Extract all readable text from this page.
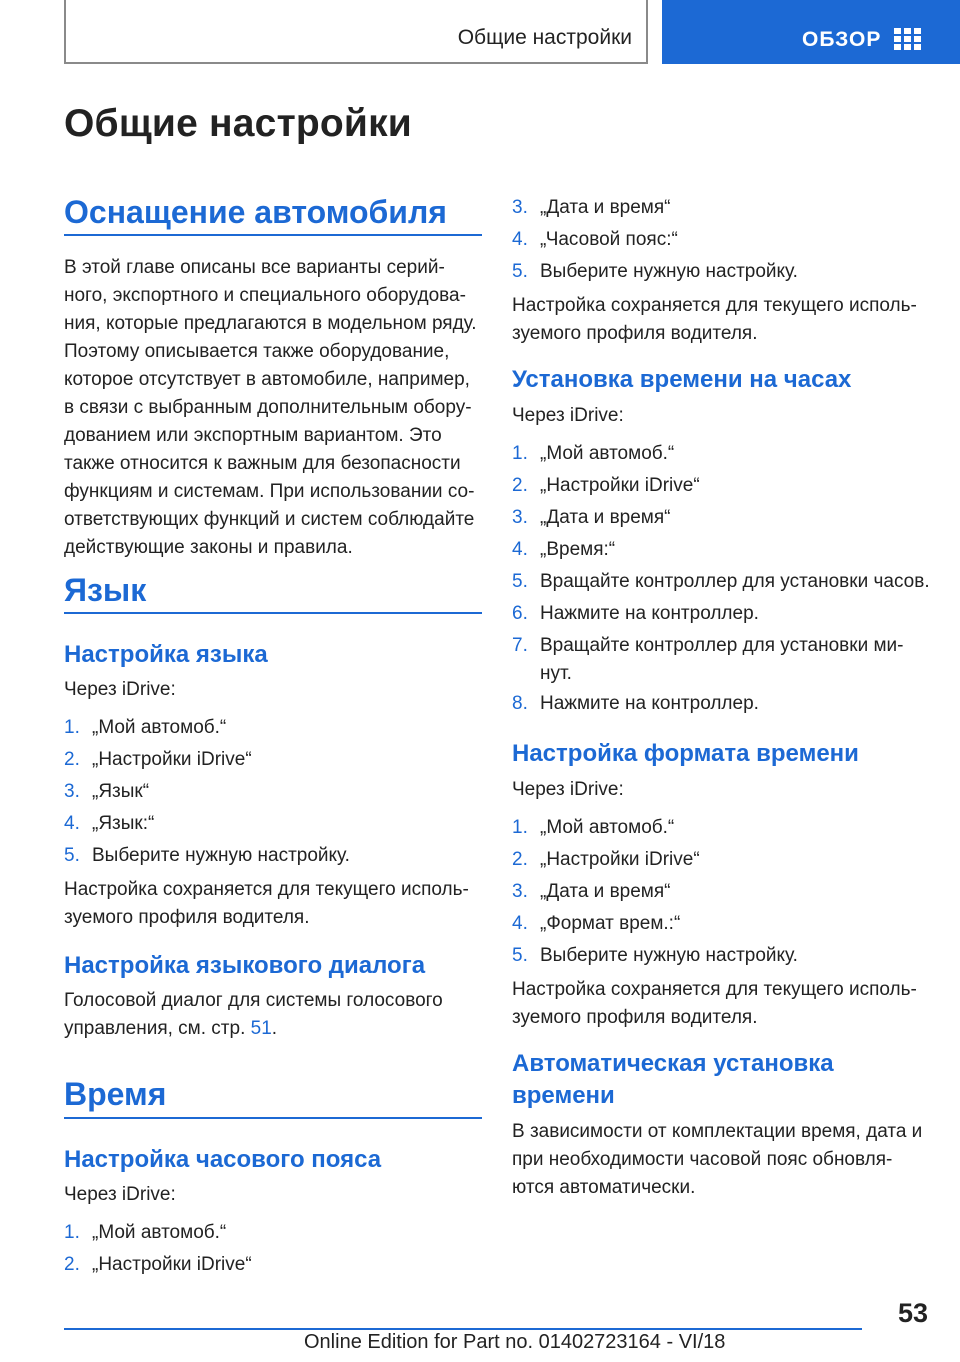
Общие настройки	ОБЗОР
Общие настройки
Оснащение автомобиля
В этой главе описаны все варианты серий-
ного, экспортного и специального оборудова-
ния, которые предлагаются в модельном ряду.
Поэтому описывается также оборудование,
которое отсутствует в автомобиле, например,
в связи с выбранным дополнительным обору-
дованием или экспортным вариантом. Это
также относится к важным для безопасности
функциям и системам. При использовании со-
ответствующих функций и систем соблюдайте
действующие законы и правила.
Язык
Настройка языка
Через iDrive:
1. „Мой автомоб.“
2. „Настройки iDrive“
3. „Язык“
4. „Язык:“
5. Выберите нужную настройку.
Настройка сохраняется для текущего исполь-
зуемого профиля водителя.
Настройка языкового диалога
Голосовой диалог для системы голосового
управления, см. стр. 51.
Время
Настройка часового пояса
Через iDrive:
1. „Мой автомоб.“
2. „Настройки iDrive“
3. „Дата и время“
4. „Часовой пояс:“
5. Выберите нужную настройку.
Настройка сохраняется для текущего исполь-
зуемого профиля водителя.
Установка времени на часах
Через iDrive:
1. „Мой автомоб.“
2. „Настройки iDrive“
3. „Дата и время“
4. „Время:“
5. Вращайте контроллер для установки часов.
6. Нажмите на контроллер.
7. Вращайте контроллер для установки ми-
нут.
8. Нажмите на контроллер.
Настройка формата времени
Через iDrive:
1. „Мой автомоб.“
2. „Настройки iDrive“
3. „Дата и время“
4. „Формат врем.:“
5. Выберите нужную настройку.
Настройка сохраняется для текущего исполь-
зуемого профиля водителя.
Автоматическая установка
времени
В зависимости от комплектации время, дата и
при необходимости часовой пояс обновля-
ются автоматически.
53
Online Edition for Part no. 01402723164 - VI/18
